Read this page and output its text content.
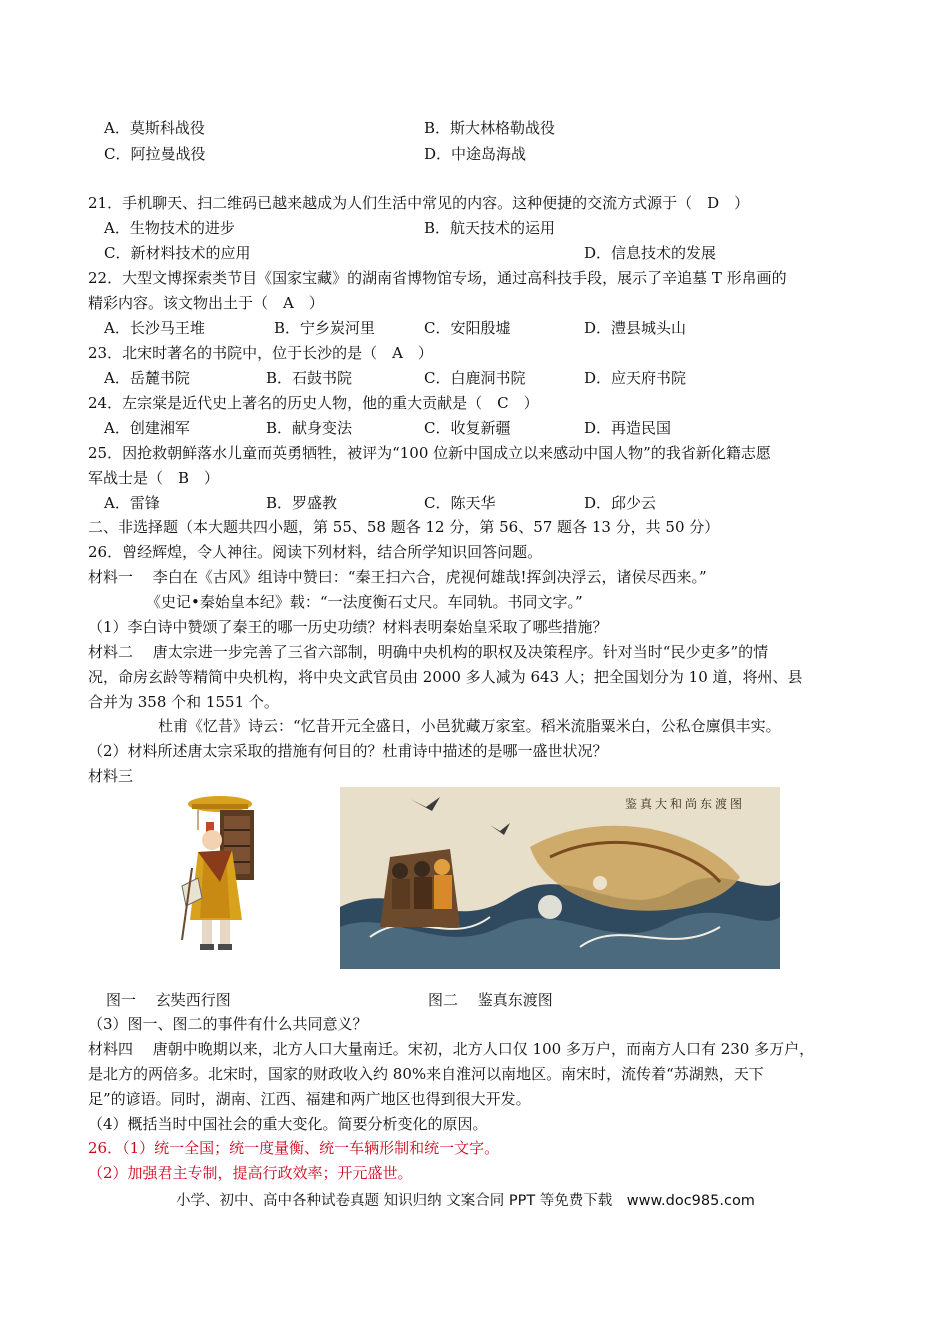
A．莫斯科战役	B．斯大林格勒战役
C．阿拉曼战役	D．中途岛海战
21．手机聊天、扫二维码已越来越成为人们生活中常见的内容。这种便捷的交流方式源于（　D　）
A．生物技术的进步	B．航天技术的运用
C．新材料技术的应用	D．信息技术的发展
22．大型文博探索类节目《国家宝藏》的湖南省博物馆专场，通过高科技手段，展示了辛追墓 T 形帛画的
精彩内容。该文物出土于（　A　）
A．长沙马王堆	B．宁乡炭河里	C．安阳殷墟	D．澧县城头山
23．北宋时著名的书院中，位于长沙的是（　A　）
A．岳麓书院	B．石鼓书院	C．白鹿洞书院	D．应天府书院
24．左宗棠是近代史上著名的历史人物，他的重大贡献是（　C　）
A．创建湘军	B．献身变法	C．收复新疆	D．再造民国
25．因抢救朝鲜落水儿童而英勇牺牲，被评为“100 位新中国成立以来感动中国人物”的我省新化籍志愿
军战士是（　B　）
A．雷锋	B．罗盛教	C．陈天华	D．邱少云
二、非选择题（本大题共四小题，第 55、58 题各 12 分，第 56、57 题各 13 分，共 50 分）
26．曾经辉煌，令人神往。阅读下列材料，结合所学知识回答问题。
材料一　 李白在《古风》组诗中赞曰：“秦王扫六合，虎视何雄哉!挥剑决浮云，诸侯尽西来。”
《史记•秦始皇本纪》载：“一法度衡石丈尺。车同轨。书同文字。”
（1）李白诗中赞颂了秦王的哪一历史功绩？材料表明秦始皇采取了哪些措施？
材料二　 唐太宗进一步完善了三省六部制，明确中央机构的职权及决策程序。针对当时“民少吏多”的情
况，命房玄龄等精简中央机构，将中央文武官员由 2000 多人减为 643 人；把全国划分为 10 道，将州、县
合并为 358 个和 1551 个。
杜甫《忆昔》诗云：“忆昔开元全盛日，小邑犹藏万家室。稻米流脂粟米白，公私仓廪俱丰实。
（2）材料所述唐太宗采取的措施有何目的？杜甫诗中描述的是哪一盛世状况？
材料三
鉴真大和尚东渡图
图一　 玄奘西行图	图二　 鉴真东渡图
（3）图一、图二的事件有什么共同意义？
材料四　 唐朝中晚期以来，北方人口大量南迁。宋初，北方人口仅 100 多万户，而南方人口有 230 多万户，
是北方的两倍多。北宋时，国家的财政收入约 80%来自淮河以南地区。南宋时，流传着“苏湖熟，天下
足”的谚语。同时，湖南、江西、福建和两广地区也得到很大开发。
（4）概括当时中国社会的重大变化。简要分析变化的原因。
26．（1）统一全国；统一度量衡、统一车辆形制和统一文字。
（2）加强君主专制，提高行政效率；开元盛世。
小学、初中、高中各种试卷真题 知识归纳 文案合同 PPT 等免费下载　www.doc985.com
